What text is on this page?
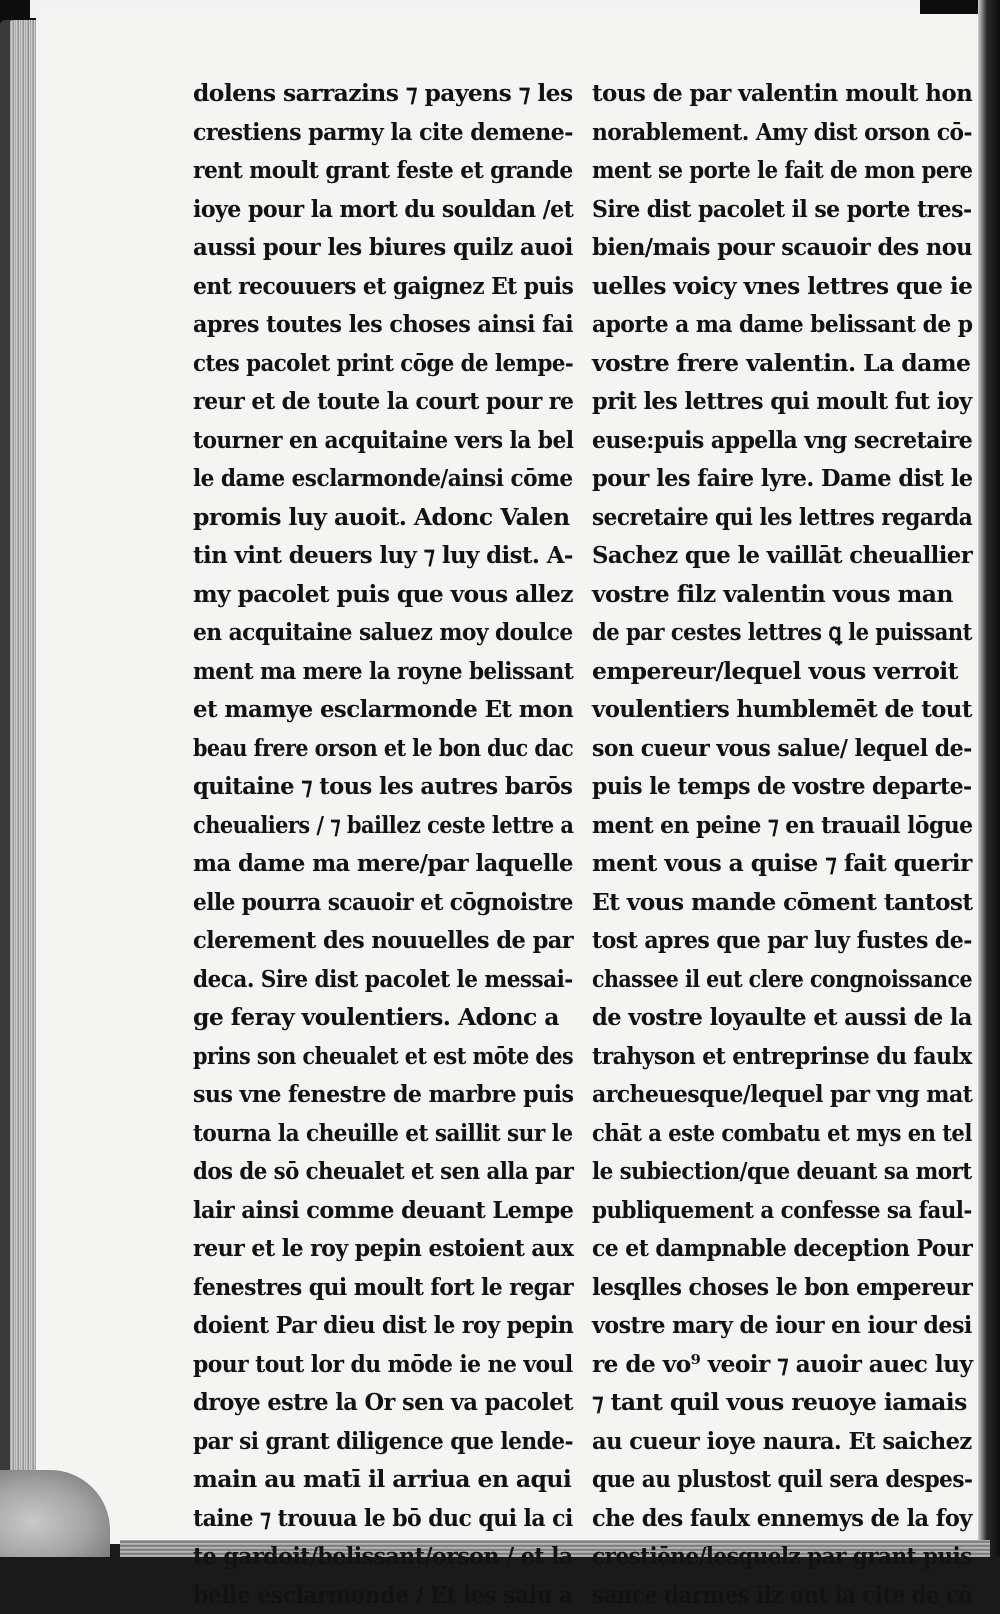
dolens sarrazins ⁊ payens ⁊ les
crestiens parmy la cite demene-
rent moult grant feste et grande
ioye pour la mort du souldan /et
aussi pour les biures quilz auoi
ent recouuers et gaignez Et puis
apres toutes les choses ainsi fai
ctes pacolet print cōge de lempe-
reur et de toute la court pour re
tourner en acquitaine vers la bel
le dame esclarmonde/ainsi cōme
promis luy auoit. Adonc Valen
tin vint deuers luy ⁊ luy dist. A-
my pacolet puis que vous allez
en acquitaine saluez moy doulce
ment ma mere la royne belissant
et mamye esclarmonde Et mon
beau frere orson et le bon duc dac
quitaine ⁊ tous les autres barōs
cheualiers / ⁊ baillez ceste lettre a
ma dame ma mere/par laquelle
elle pourra scauoir et cōgnoistre
clerement des nouuelles de par
deca. Sire dist pacolet le messai-
ge feray voulentiers. Adonc a
prins son cheualet et est mōte des
sus vne fenestre de marbre puis
tourna la cheuille et saillit sur le
dos de sō cheualet et sen alla par
lair ainsi comme deuant Lempe
reur et le roy pepin estoient aux
fenestres qui moult fort le regar
doient Par dieu dist le roy pepin
pour tout lor du mōde ie ne voul
droye estre la Or sen va pacolet
par si grant diligence que lende-
main au matī il arriua en aqui
taine ⁊ trouua le bō duc qui la ci
te gardoit/belissant/orson / et la
belle esclarmonde / Et les salu a
tous de par valentin moult hon
norablement. Amy dist orson cō-
ment se porte le fait de mon pere
Sire dist pacolet il se porte tres-
bien/mais pour scauoir des nou
uelles voicy vnes lettres que ie
aporte a ma dame belissant de p
vostre frere valentin. La dame
prit les lettres qui moult fut ioy
euse:puis appella vng secretaire
pour les faire lyre. Dame dist le
secretaire qui les lettres regarda
Sachez que le vaillāt cheuallier
vostre filz valentin vous man
de par cestes lettres ꝗ le puissant
empereur/lequel vous verroit
voulentiers humblemēt de tout
son cueur vous salue/ lequel de-
puis le temps de vostre departe-
ment en peine ⁊ en trauail lōgue
ment vous a quise ⁊ fait querir
Et vous mande cōment tantost
tost apres que par luy fustes de-
chassee il eut clere congnoissance
de vostre loyaulte et aussi de la
trahyson et entreprinse du faulx
archeuesque/lequel par vng mat
chāt a este combatu et mys en tel
le subiection/que deuant sa mort
publiquement a confesse sa faul-
ce et dampnable deception Pour
lesqlles choses le bon empereur
vostre mary de iour en iour desi
re de vo⁹ veoir ⁊ auoir auec luy
⁊ tant quil vous reuoye iamais
au cueur ioye naura. Et saichez
que au plustost quil sera despes-
che des faulx ennemys de la foy
crestiēne/lesquelz par grant puis
sance darmes ilz ont la cite de cō
